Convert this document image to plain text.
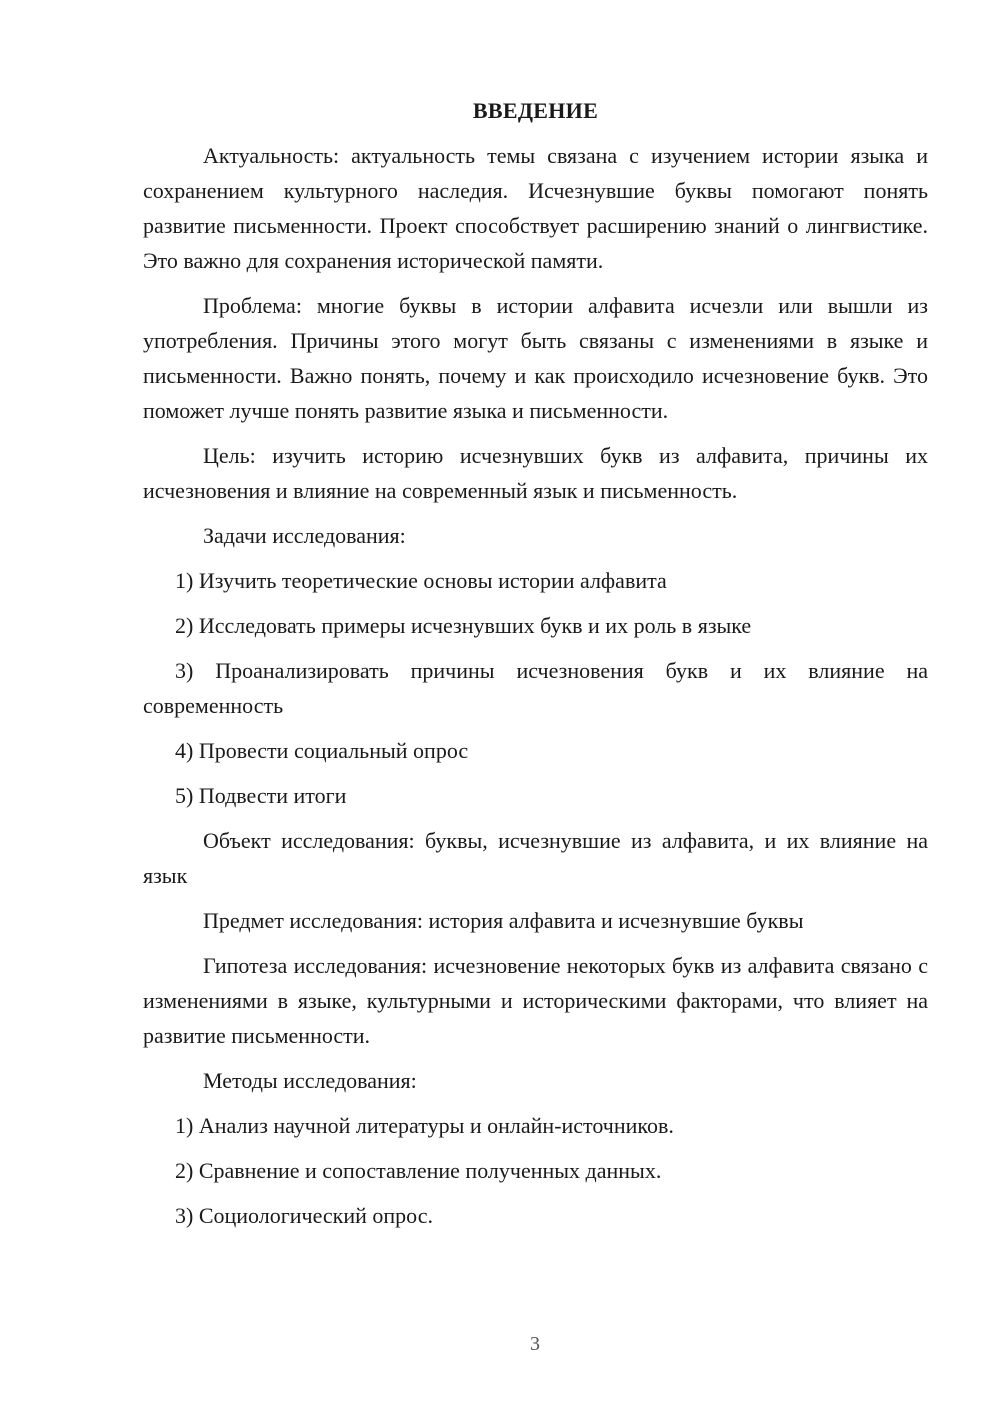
ВВЕДЕНИЕ
Актуальность: актуальность темы связана с изучением истории языка и сохранением культурного наследия. Исчезнувшие буквы помогают понять развитие письменности. Проект способствует расширению знаний о лингвистике. Это важно для сохранения исторической памяти.
Проблема: многие буквы в истории алфавита исчезли или вышли из употребления. Причины этого могут быть связаны с изменениями в языке и письменности. Важно понять, почему и как происходило исчезновение букв. Это поможет лучше понять развитие языка и письменности.
Цель: изучить историю исчезнувших букв из алфавита, причины их исчезновения и влияние на современный язык и письменность.
Задачи исследования:
1) Изучить теоретические основы истории алфавита
2) Исследовать примеры исчезнувших букв и их роль в языке
3) Проанализировать причины исчезновения букв и их влияние на современность
4) Провести социальный опрос
5) Подвести итоги
Объект исследования: буквы, исчезнувшие из алфавита, и их влияние на язык
Предмет исследования: история алфавита и исчезнувшие буквы
Гипотеза исследования: исчезновение некоторых букв из алфавита связано с изменениями в языке, культурными и историческими факторами, что влияет на развитие письменности.
Методы исследования:
1) Анализ научной литературы и онлайн-источников.
2) Сравнение и сопоставление полученных данных.
3) Социологический опрос.
3
